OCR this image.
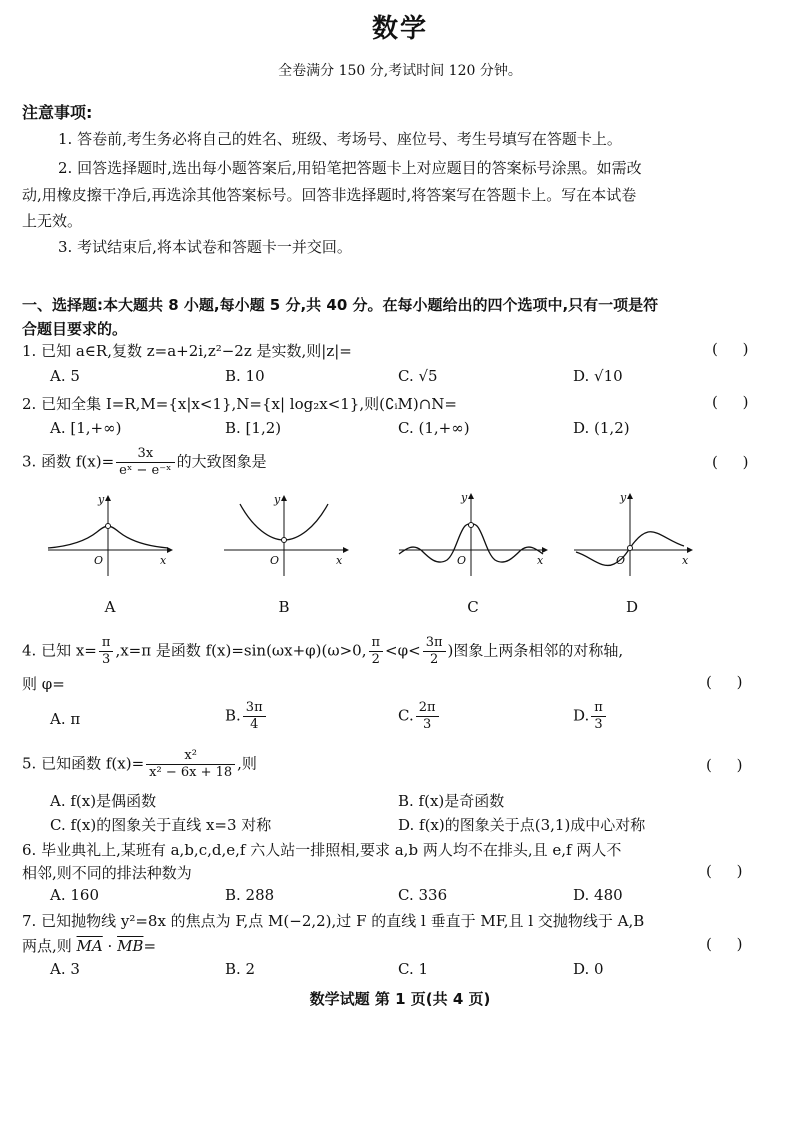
数学
全卷满分 150 分,考试时间 120 分钟。
注意事项:
1. 答卷前,考生务必将自己的姓名、班级、考场号、座位号、考生号填写在答题卡上。
2. 回答选择题时,选出每小题答案后,用铅笔把答题卡上对应题目的答案标号涂黑。如需改
动,用橡皮擦干净后,再选涂其他答案标号。回答非选择题时,将答案写在答题卡上。写在本试卷
上无效。
3. 考试结束后,将本试卷和答题卡一并交回。
一、选择题:本大题共 8 小题,每小题 5 分,共 40 分。在每小题给出的四个选项中,只有一项是符
合题目要求的。
1. 已知 a∈R,复数 z=a+2i,z²−2z 是实数,则|z|=	( )
A. 5	B. 10	C. √5	D. √10
2. 已知全集 I=R,M={x|x<1},N={x| log₂x<1},则(∁ᵢM)∩N=	( )
A. [1,+∞)	B. [1,2)	C. (1,+∞)	D. (1,2)
3. 函数 $f(x)= \frac{3x}{\text{eˣ − e⁻ˣ}}$ 的大致图象是	( )
y
x
O
y
x
O
y
x
O
y
x
O
A	B	C	D
4. 已知 $x= \frac{\pi}{3} ,x=\pi$ 是函数 f(x)=sin(ωx+φ)(ω>0, $\frac{\pi}{2} <\varphi< \frac{3\pi}{2}$ )图象上两条相邻的对称轴,
则 φ=	( )
A. π	B. $\frac{3\pi}{4}$	C. $\frac{2\pi}{3}$	D. $\frac{\pi}{3}$
5. 已知函数 $f(x)= \frac{\text{x²}}{\text{x² − 6x + 18}}$ ,则	( )
A. f(x)是偶函数	B. f(x)是奇函数
C. f(x)的图象关于直线 x=3 对称	D. f(x)的图象关于点(3,1)成中心对称
6. 毕业典礼上,某班有 a,b,c,d,e,f 六人站一排照相,要求 a,b 两人均不在排头,且 e,f 两人不
相邻,则不同的排法种数为	( )
A. 160	B. 288	C. 336	D. 480
7. 已知抛物线 y²=8x 的焦点为 F,点 M(−2,2),过 F 的直线 l 垂直于 MF,且 l 交抛物线于 A,B
两点,则 $\overline{MA} \cdot \overline{MB}=$	( )
A. 3	B. 2	C. 1	D. 0
数学试题 第 1 页(共 4 页)
